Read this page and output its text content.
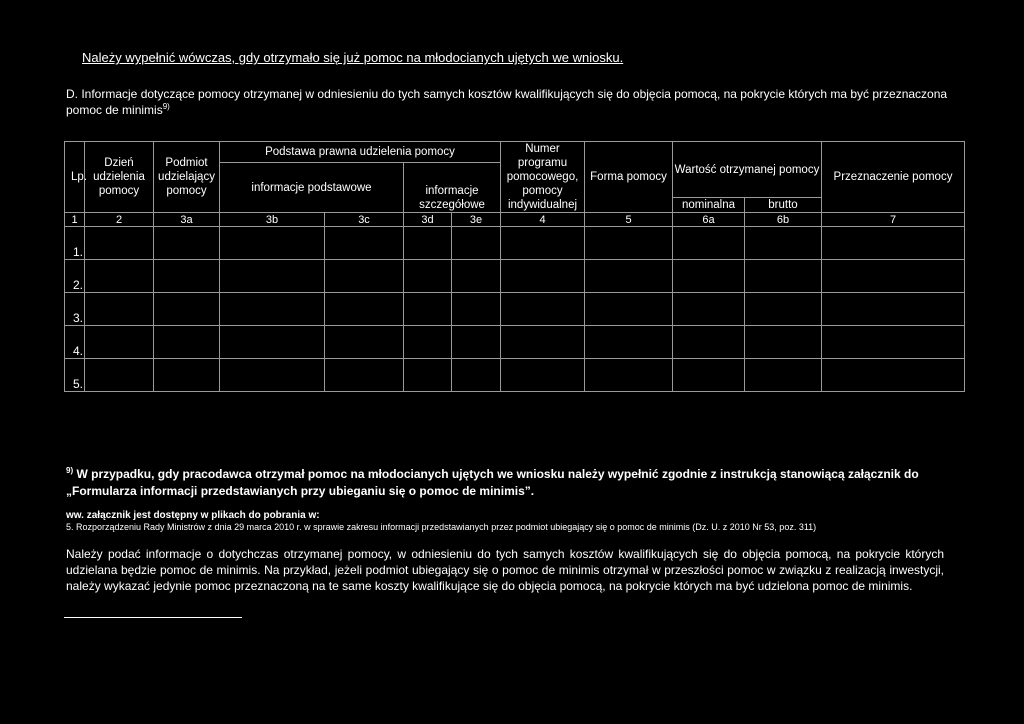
Należy wypełnić wówczas, gdy otrzymało się już pomoc na młodocianych ujętych we wniosku.
D. Informacje dotyczące pomocy otrzymanej w odniesieniu do tych samych kosztów kwalifikujących się do objęcia pomocą, na pokrycie których ma być przeznaczona pomoc de minimis$^{9)}$
Lp.	Dzień udzielenia pomocy	Podmiot udzielający pomocy	Podstawa prawna udzielenia pomocy				Numer programu pomocowego, pomocy indywidualnej	Forma pomocy	Wartość otrzymanej pomocy		Przeznaczenie pomocy
			informacje podstawowe		informacje szczegółowe						
									nominalna	brutto	
1	2	3a	3b	3c	3d	3e	4	5	6a	6b	7
1.											
2.											
3.											
4.											
5.											
$^{9)}$ W przypadku, gdy pracodawca otrzymał pomoc na młodocianych ujętych we wniosku należy wypełnić zgodnie z instrukcją stanowiącą załącznik do „Formularza informacji przedstawianych przy ubieganiu się o pomoc de minimis”.
ww. załącznik jest dostępny w plikach do pobrania w:
5. Rozporządzeniu Rady Ministrów z dnia 29 marca 2010 r. w sprawie zakresu informacji przedstawianych przez podmiot ubiegający się o pomoc de minimis (Dz. U. z 2010 Nr 53, poz. 311)
Należy podać informacje o dotychczas otrzymanej pomocy, w odniesieniu do tych samych kosztów kwalifikujących się do objęcia pomocą, na pokrycie których udzielana będzie pomoc de minimis. Na przykład, jeżeli podmiot ubiegający się o pomoc de minimis otrzymał w przeszłości pomoc w związku z realizacją inwestycji, należy wykazać jedynie pomoc przeznaczoną na te same koszty kwalifikujące się do objęcia pomocą, na pokrycie których ma być udzielona pomoc de minimis.
